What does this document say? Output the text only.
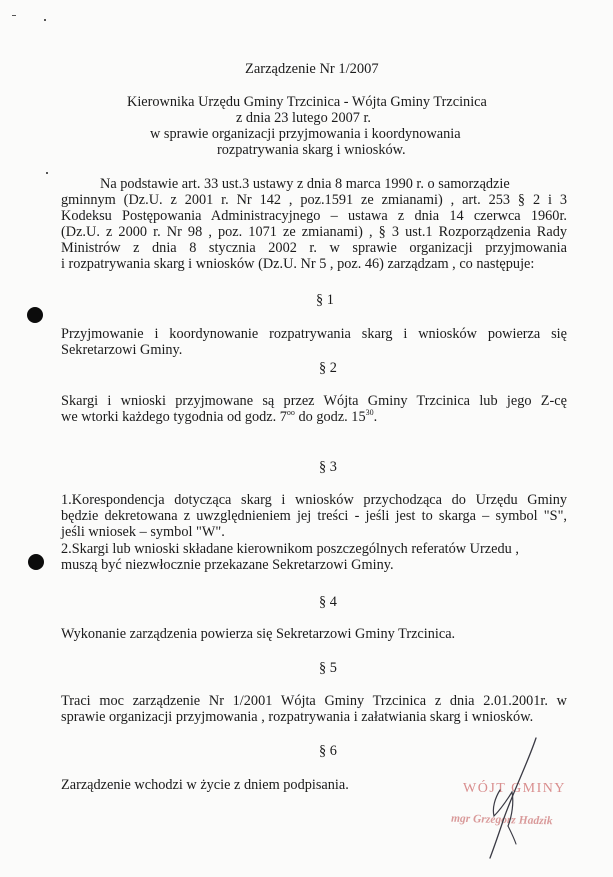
Zarządzenie Nr 1/2007
Kierownika Urzędu Gminy Trzcinica - Wójta Gminy Trzcinica
z dnia 23 lutego 2007 r.
w sprawie organizacji przyjmowania i koordynowania
rozpatrywania skarg i wniosków.
Na podstawie art. 33 ust.3 ustawy z dnia 8 marca 1990 r. o samorządzie
gminnym (Dz.U. z 2001 r. Nr 142 , poz.1591 ze zmianami) , art. 253 § 2 i 3
Kodeksu Postępowania Administracyjnego – ustawa z dnia 14 czerwca 1960r.
(Dz.U. z 2000 r. Nr 98 , poz. 1071 ze zmianami) , § 3 ust.1 Rozporządzenia Rady
Ministrów z dnia 8 stycznia 2002 r. w sprawie organizacji przyjmowania
i rozpatrywania skarg i wniosków (Dz.U. Nr 5 , poz. 46) zarządzam , co następuje:
§ 1
Przyjmowanie i koordynowanie rozpatrywania skarg i wniosków powierza się
Sekretarzowi Gminy.
§ 2
Skargi i wnioski przyjmowane są przez Wójta Gminy Trzcinica lub jego Z-cę
we wtorki każdego tygodnia od godz. $7^{oo}$ do godz. $15^{30}$.
§ 3
1.Korespondencja dotycząca skarg i wniosków przychodząca do Urzędu Gminy
będzie dekretowana z uwzględnieniem jej treści - jeśli jest to skarga – symbol "S",
jeśli wniosek – symbol "W".
2.Skargi lub wnioski składane kierownikom poszczególnych referatów Urzedu ,
muszą być niezwłocznie przekazane Sekretarzowi Gminy.
§ 4
Wykonanie zarządzenia powierza się Sekretarzowi Gminy Trzcinica.
§ 5
Traci moc zarządzenie Nr 1/2001 Wójta Gminy Trzcinica z dnia 2.01.2001r. w
sprawie organizacji przyjmowania , rozpatrywania i załatwiania skarg i wniosków.
§ 6
Zarządzenie wchodzi w życie z dniem podpisania.	WÓJT GMINY
mgr Grzegorz Hadzik
